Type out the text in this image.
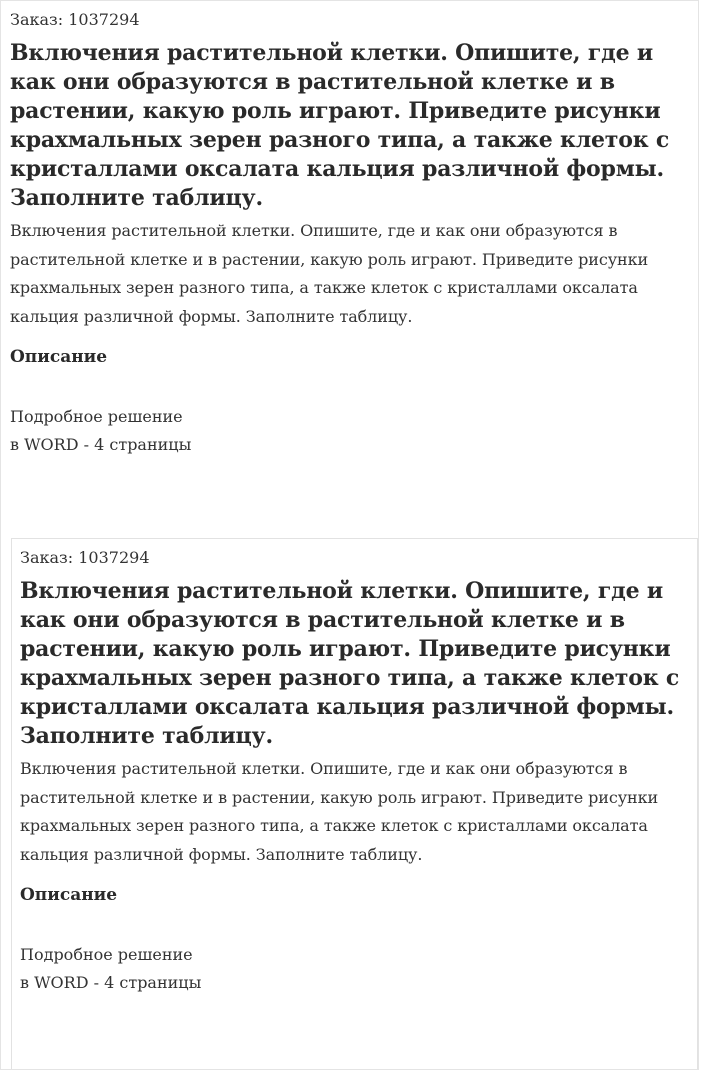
Заказ: 1037294
Включения растительной клетки. Опишите, где и как они образуются в растительной клетке и в растении, какую роль играют. Приведите рисунки крахмальных зерен разного типа, а также клеток с кристаллами оксалата кальция различной формы. Заполните таблицу.

Включения растительной клетки. Опишите, где и как они образуются в растительной клетке и в растении, какую роль играют. Приведите рисунки крахмальных зерен разного типа, а также клеток с кристаллами оксалата кальция различной формы. Заполните таблицу.

Описание

Подробное решение

в WORD - 4 страницы

Заказ: 1037294
Включения растительной клетки. Опишите, где и как они образуются в растительной клетке и в растении, какую роль играют. Приведите рисунки крахмальных зерен разного типа, а также клеток с кристаллами оксалата кальция различной формы. Заполните таблицу.

Включения растительной клетки. Опишите, где и как они образуются в растительной клетке и в растении, какую роль играют. Приведите рисунки крахмальных зерен разного типа, а также клеток с кристаллами оксалата кальция различной формы. Заполните таблицу.

Описание

Подробное решение

в WORD - 4 страницы
